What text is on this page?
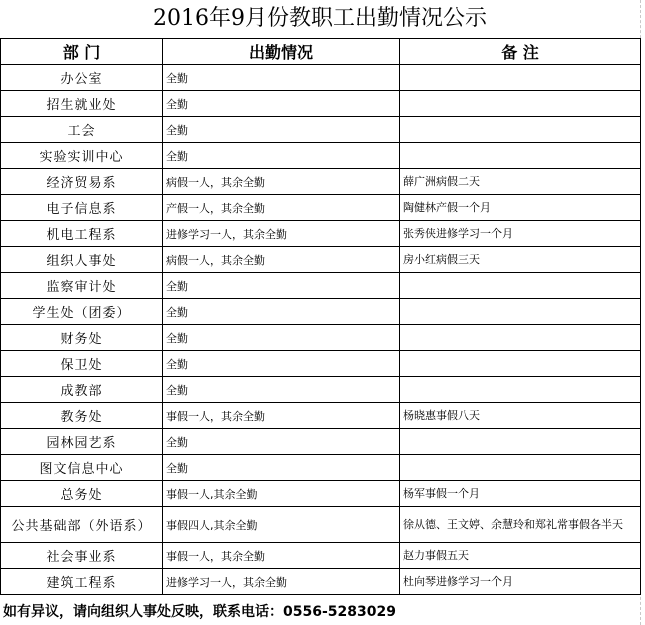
2016年9月份教职工出勤情况公示
部 门	出勤情况	备 注
办公室	全勤	
招生就业处	全勤	
工会	全勤	
实验实训中心	全勤	
经济贸易系	病假一人，其余全勤	薛广洲病假二天
电子信息系	产假一人，其余全勤	陶健林产假一个月
机电工程系	进修学习一人，其余全勤	张秀侠进修学习一个月
组织人事处	病假一人，其余全勤	房小红病假三天
监察审计处	全勤	
学生处（团委）	全勤	
财务处	全勤	
保卫处	全勤	
成教部	全勤	
教务处	事假一人，其余全勤	杨晓惠事假八天
园林园艺系	全勤	
图文信息中心	全勤	
总务处	事假一人,其余全勤	杨军事假一个月
公共基础部（外语系）	事假四人,其余全勤	徐从德、王文婷、余慧玲和郑礼常事假各半天
社会事业系	事假一人，其余全勤	赵力事假五天
建筑工程系	进修学习一人，其余全勤	杜向琴进修学习一个月
如有异议，请向组织人事处反映，联系电话：0556-5283029
